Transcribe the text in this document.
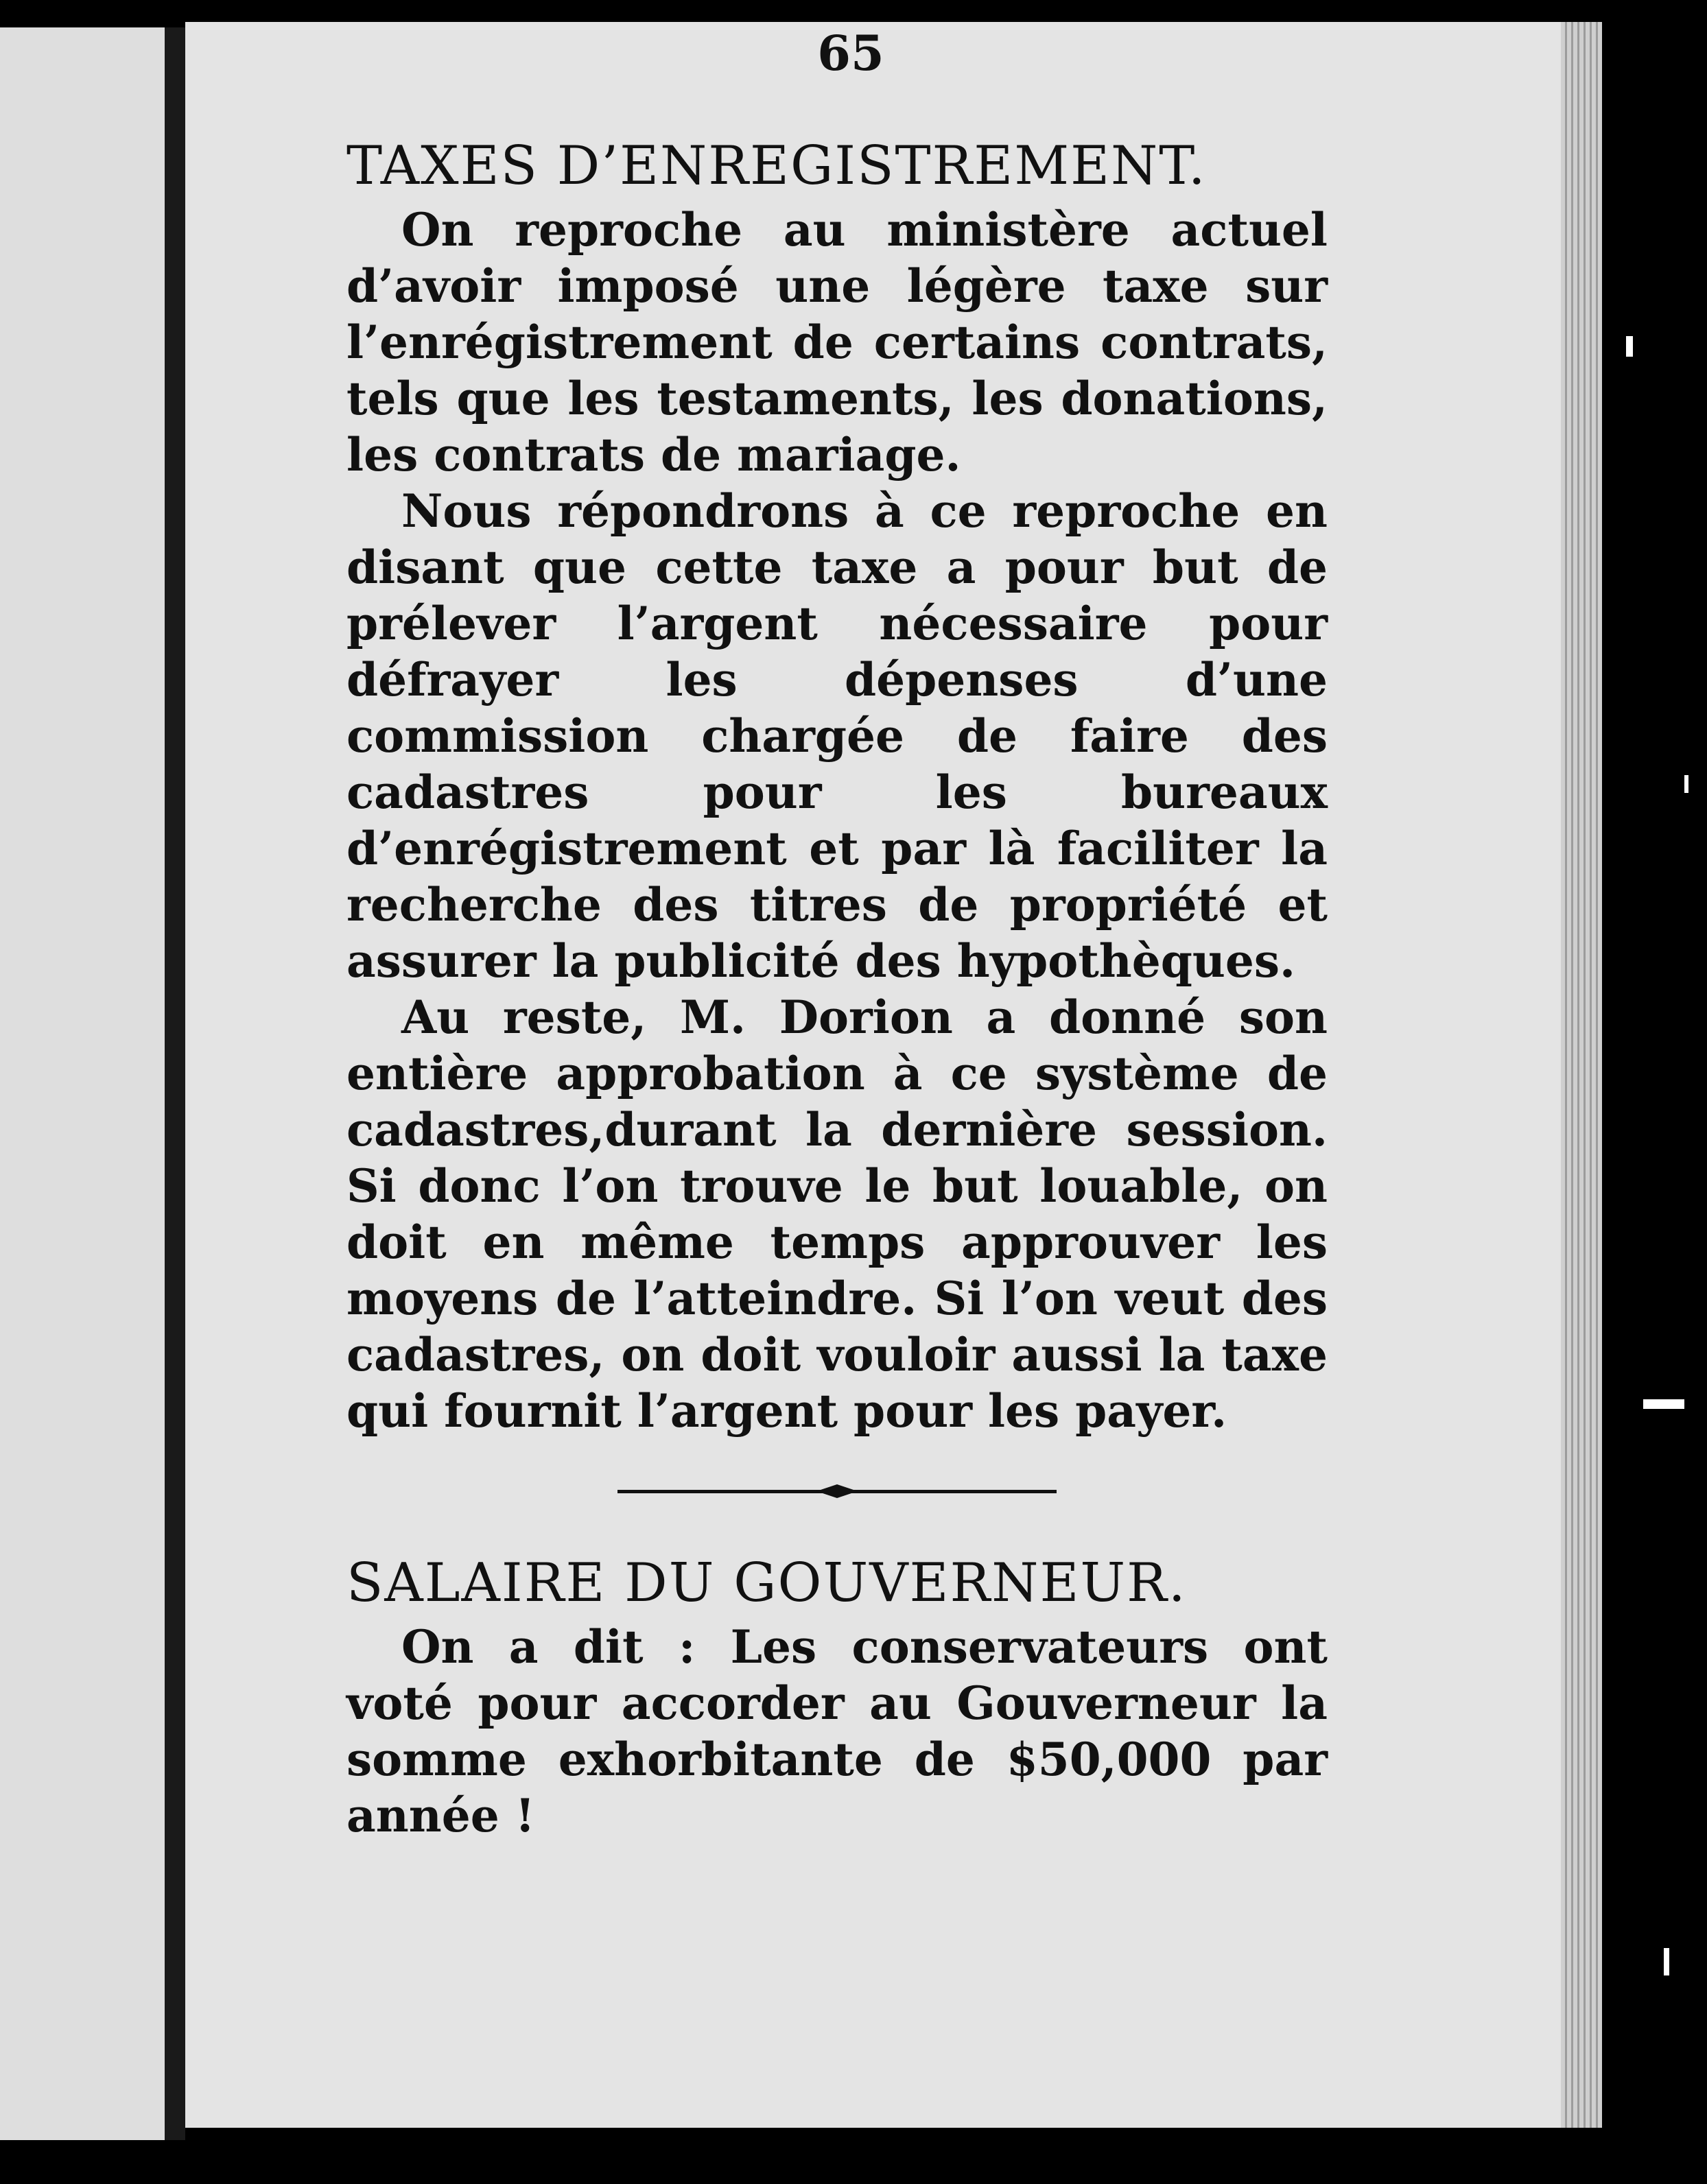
65
TAXES D’ENREGISTREMENT.

On reproche au ministère actuel d’avoir imposé une légère taxe sur l’enrégistrement de certains contrats, tels que les testaments, les donations, les contrats de mariage.

Nous répondrons à ce reproche en disant que cette taxe a pour but de prélever l’argent nécessaire pour défrayer les dépenses d’une commission chargée de faire des cadastres pour les bureaux d’enrégistrement et par là faciliter la recherche des titres de propriété et assurer la publicité des hypothèques.

Au reste, M. Dorion a donné son entière approbation à ce système de cadastres,durant la dernière session. Si donc l’on trouve le but louable, on doit en même temps approuver les moyens de l’atteindre. Si l’on veut des cadastres, on doit vouloir aussi la taxe qui fournit l’argent pour les payer.

SALAIRE DU GOUVERNEUR.

On a dit : Les conservateurs ont voté pour accorder au Gouverneur la somme exhorbitante de $50,000 par année !
